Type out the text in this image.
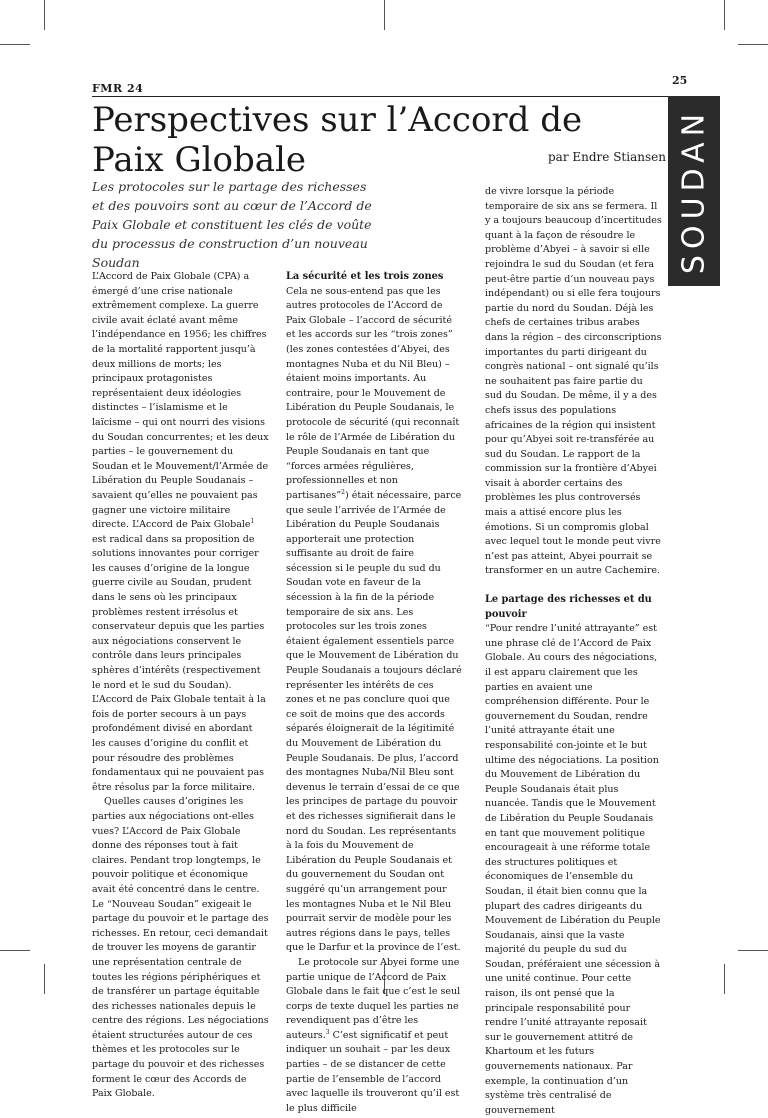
FMR 24
25
SOUDAN
Perspectives sur l’Accord de Paix Globale	par Endre Stiansen

Les protocoles sur le partage des richesses et des pouvoirs sont au cœur de l’Accord de Paix Globale et constituent les clés de voûte du processus de construction d’un nouveau Soudan

L’Accord de Paix Globale (CPA) a émergé d’une crise nationale extrêmement complexe. La guerre civile avait éclaté avant même l’indépendance en 1956; les chiffres de la mortalité rapportent jusqu’à deux millions de morts; les principaux protagonistes représentaient deux idéologies distinctes – l’islamisme et le laïcisme – qui ont nourri des visions du Soudan concurrentes; et les deux parties – le gouvernement du Soudan et le Mouvement/l’Armée de Libération du Peuple Soudanais – savaient qu’elles ne pouvaient pas gagner une victoire militaire directe. L’Accord de Paix Globale$^1$ est radical dans sa proposition de solutions innovantes pour corriger les causes d’origine de la longue guerre civile au Soudan, prudent dans le sens où les principaux problèmes restent irrésolus et conservateur depuis que les parties aux négociations conservent le contrôle dans leurs principales sphères d’intérêts (respectivement le nord et le sud du Soudan). L’Accord de Paix Globale tentait à la fois de porter secours à un pays profondément divisé en abordant les causes d’origine du conflit et pour résoudre des problèmes fondamentaux qui ne pouvaient pas être résolus par la force militaire.

Quelles causes d’origines les parties aux négociations ont-elles vues? L’Accord de Paix Globale donne des réponses tout à fait claires. Pendant trop longtemps, le pouvoir politique et économique avait été concentré dans le centre. Le “Nouveau Soudan” exigeait le partage du pouvoir et le partage des richesses. En retour, ceci demandait de trouver les moyens de garantir une représentation centrale de toutes les régions périphériques et de transférer un partage équitable des richesses nationales depuis le centre des régions. Les négociations étaient structurées autour de ces thèmes et les protocoles sur le partage du pouvoir et des richesses forment le cœur des Accords de Paix Globale.

La sécurité et les trois zones

Cela ne sous-entend pas que les autres protocoles de l’Accord de Paix Globale – l’accord de sécurité et les accords sur les “trois zones” (les zones contestées d’Abyei, des montagnes Nuba et du Nil Bleu) – étaient moins importants. Au contraire, pour le Mouvement de Libération du Peuple Soudanais, le protocole de sécurité (qui reconnaît le rôle de l’Armée de Libération du Peuple Soudanais en tant que “forces armées régulières, professionnelles et non partisanes”$^2$) était nécessaire, parce que seule l’arrivée de l’Armée de Libération du Peuple Soudanais apporterait une protection suffisante au droit de faire sécession si le peuple du sud du Soudan vote en faveur de la sécession à la fin de la période temporaire de six ans. Les protocoles sur les trois zones étaient également essentiels parce que le Mouvement de Libération du Peuple Soudanais a toujours déclaré représenter les intérêts de ces zones et ne pas conclure quoi que ce soit de moins que des accords séparés éloignerait de la légitimité du Mouvement de Libération du Peuple Soudanais. De plus, l’accord des montagnes Nuba/Nil Bleu sont devenus le terrain d’essai de ce que les principes de partage du pouvoir et des richesses signifierait dans le nord du Soudan. Les représentants à la fois du Mouvement de Libération du Peuple Soudanais et du gouvernement du Soudan ont suggéré qu’un arrangement pour les montagnes Nuba et le Nil Bleu pourrait servir de modèle pour les autres régions dans le pays, telles que le Darfur et la province de l’est.

Le protocole sur Abyei forme une partie unique de l’Accord de Paix Globale dans le fait que c’est le seul corps de texte duquel les parties ne revendiquent pas d’être les auteurs.$^3$ C’est significatif et peut indiquer un souhait – par les deux parties – de se distancer de cette partie de l’ensemble de l’accord avec laquelle ils trouveront qu’il est le plus difficile

de vivre lorsque la période temporaire de six ans se fermera. Il y a toujours beaucoup d’incertitudes quant à la façon de résoudre le problème d’Abyei – à savoir si elle rejoindra le sud du Soudan (et fera peut-être partie d’un nouveau pays indépendant) ou si elle fera toujours partie du nord du Soudan. Déjà les chefs de certaines tribus arabes dans la région – des circonscriptions importantes du parti dirigeant du congrès national – ont signalé qu’ils ne souhaitent pas faire partie du sud du Soudan. De même, il y a des chefs issus des populations africaines de la région qui insistent pour qu’Abyei soit re-transférée au sud du Soudan. Le rapport de la commission sur la frontière d’Abyei visait à aborder certains des problèmes les plus controversés mais a attisé encore plus les émotions. Si un compromis global avec lequel tout le monde peut vivre n’est pas atteint, Abyei pourrait se transformer en un autre Cachemire.

Le partage des richesses et du pouvoir

“Pour rendre l’unité attrayante” est une phrase clé de l’Accord de Paix Globale. Au cours des négociations, il est apparu clairement que les parties en avaient une compréhension différente. Pour le gouvernement du Soudan, rendre l’unité attrayante était une responsabilité con-jointe et le but ultime des négociations. La position du Mouvement de Libération du Peuple Soudanais était plus nuancée. Tandis que le Mouvement de Libération du Peuple Soudanais en tant que mouvement politique encourageait à une réforme totale des structures politiques et économiques de l’ensemble du Soudan, il était bien connu que la plupart des cadres dirigeants du Mouvement de Libération du Peuple Soudanais, ainsi que la vaste majorité du peuple du sud du Soudan, préféraient une sécession à une unité continue. Pour cette raison, ils ont pensé que la principale responsabilité pour rendre l’unité attrayante reposait sur le gouvernement attitré de Khartoum et les futurs gouvernements nationaux. Par exemple, la continuation d’un système très centralisé de gouvernement
